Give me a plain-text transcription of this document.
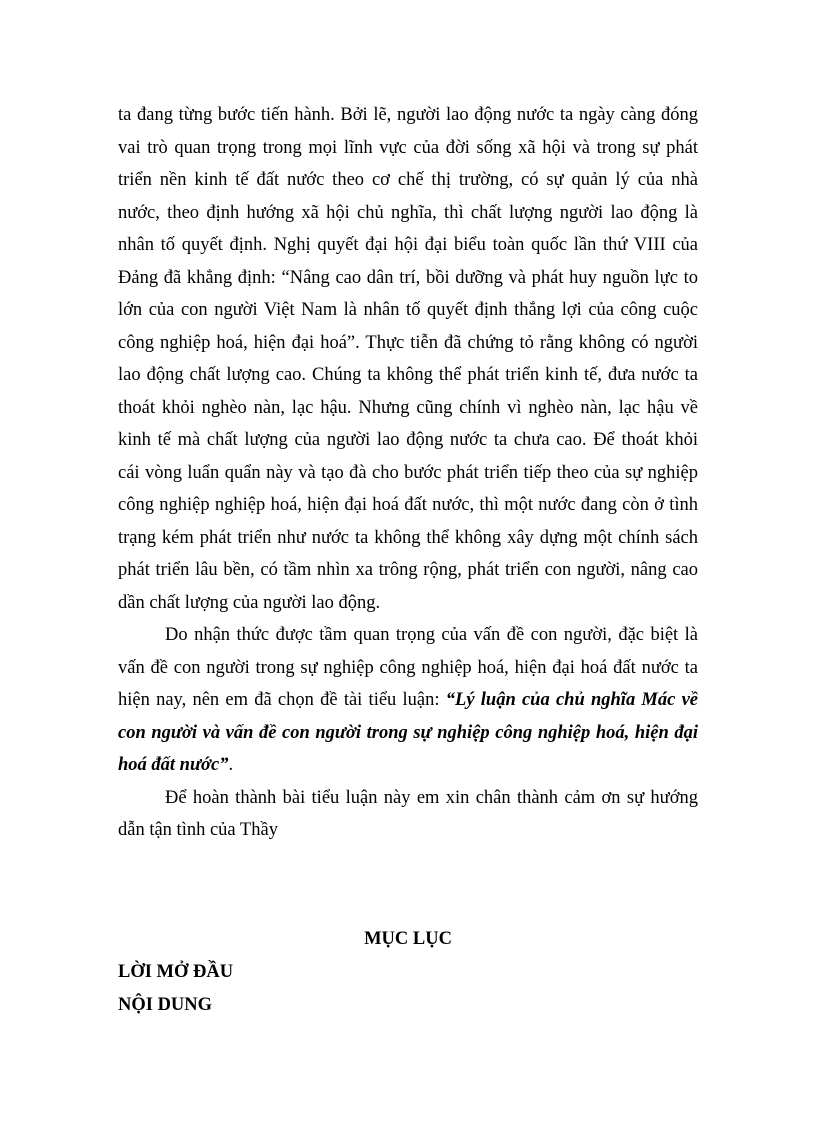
ta đang từng bước tiến hành. Bởi lẽ, người lao động nước ta ngày càng đóng
vai trò quan trọng trong mọi lĩnh vực của đời sống xã hội và trong sự phát
triển nền kinh tế đất nước theo cơ chế thị trường, có sự quản lý của nhà
nước, theo định hướng xã hội chủ nghĩa, thì chất lượng người lao động là
nhân tố quyết định. Nghị quyết đại hội đại biểu toàn quốc lần thứ VIII của
Đảng đã khẳng định: “Nâng cao dân trí, bồi dưỡng và phát huy nguồn lực to
lớn của con người Việt Nam là nhân tố quyết định thắng lợi của công cuộc
công nghiệp hoá, hiện đại hoá”. Thực tiễn đã chứng tỏ rằng không có người
lao động chất lượng cao. Chúng ta không thể phát triển kinh tế, đưa nước ta
thoát khỏi nghèo nàn, lạc hậu. Nhưng cũng chính vì nghèo nàn, lạc hậu về
kinh tế mà chất lượng của người lao động nước ta chưa cao. Để thoát khỏi
cái vòng luẩn quẩn này và tạo đà cho bước phát triển tiếp theo của sự nghiệp
công nghiệp nghiệp hoá, hiện đại hoá đất nước, thì một nước đang còn ở tình
trạng kém phát triển như nước ta không thể không xây dựng một chính sách
phát triển lâu bền, có tầm nhìn xa trông rộng, phát triển con người, nâng cao
dần chất lượng của người lao động.
Do nhận thức được tầm quan trọng của vấn đề con người, đặc biệt là
vấn đề con người trong sự nghiệp công nghiệp hoá, hiện đại hoá đất nước ta
hiện nay, nên em đã chọn đề tài tiểu luận: “Lý luận của chủ nghĩa Mác về
con người và vấn đề con người trong sự nghiệp công nghiệp hoá, hiện đại
hoá đất nước”.
Để hoàn thành bài tiểu luận này em xin chân thành cảm ơn sự hướng
dẫn tận tình của Thầy
MỤC LỤC
LỜI MỞ ĐẦU
NỘI DUNG
